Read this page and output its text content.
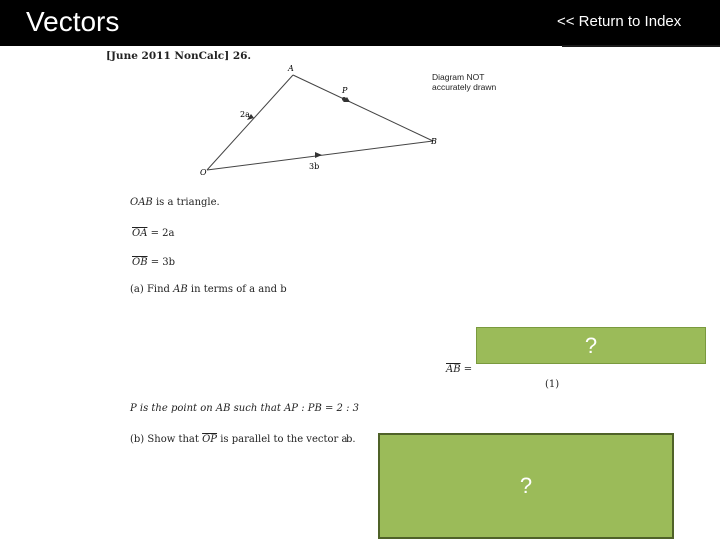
Vectors	<< Return to Index
[June 2011 NonCalc] 26.
A
P
B
O
2a
3b
Diagram NOT
accurately drawn
OAB is a triangle.
$\overline{OA} = 2a$
$\overline{OB} = 3b$
(a) Find AB in terms of a and b
$\overline{AB}$ =
(1)
P is the point on AB such that AP : PB = 2 : 3
(b) Show that $\overline{OP}$ is parallel to the vector a
b.
?
?
